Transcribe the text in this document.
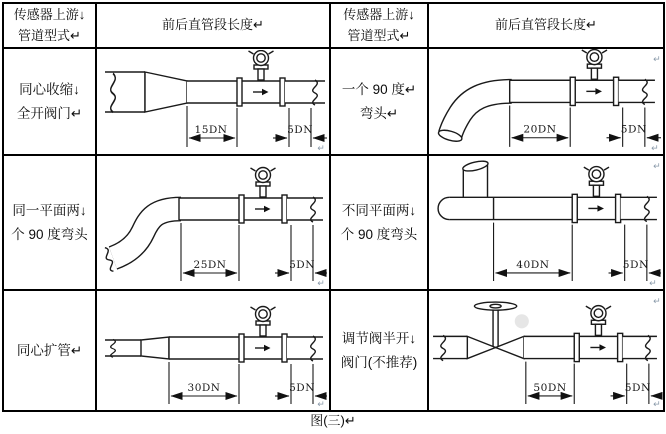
传感器上游↓
管道型式↵
	前后直管段长度↵	
传感器上游↓
管道型式↵
	前后直管段长度↵

同心收缩↓
全开阀门↵

15DN	5DN
↵

一个 90 度↵
弯头↵

20DN	5DN
↵
↵

同一平面两↓
个 90 度弯头

25DN	5DN
↵

不同平面两↓
个 90 度弯头

40DN	5DN
↵
↵

同心扩管↵

30DN	5DN
↵

调节阀半开↓
阀门(不推荐)

50DN	5DN
↵
↵
图(三)↵
